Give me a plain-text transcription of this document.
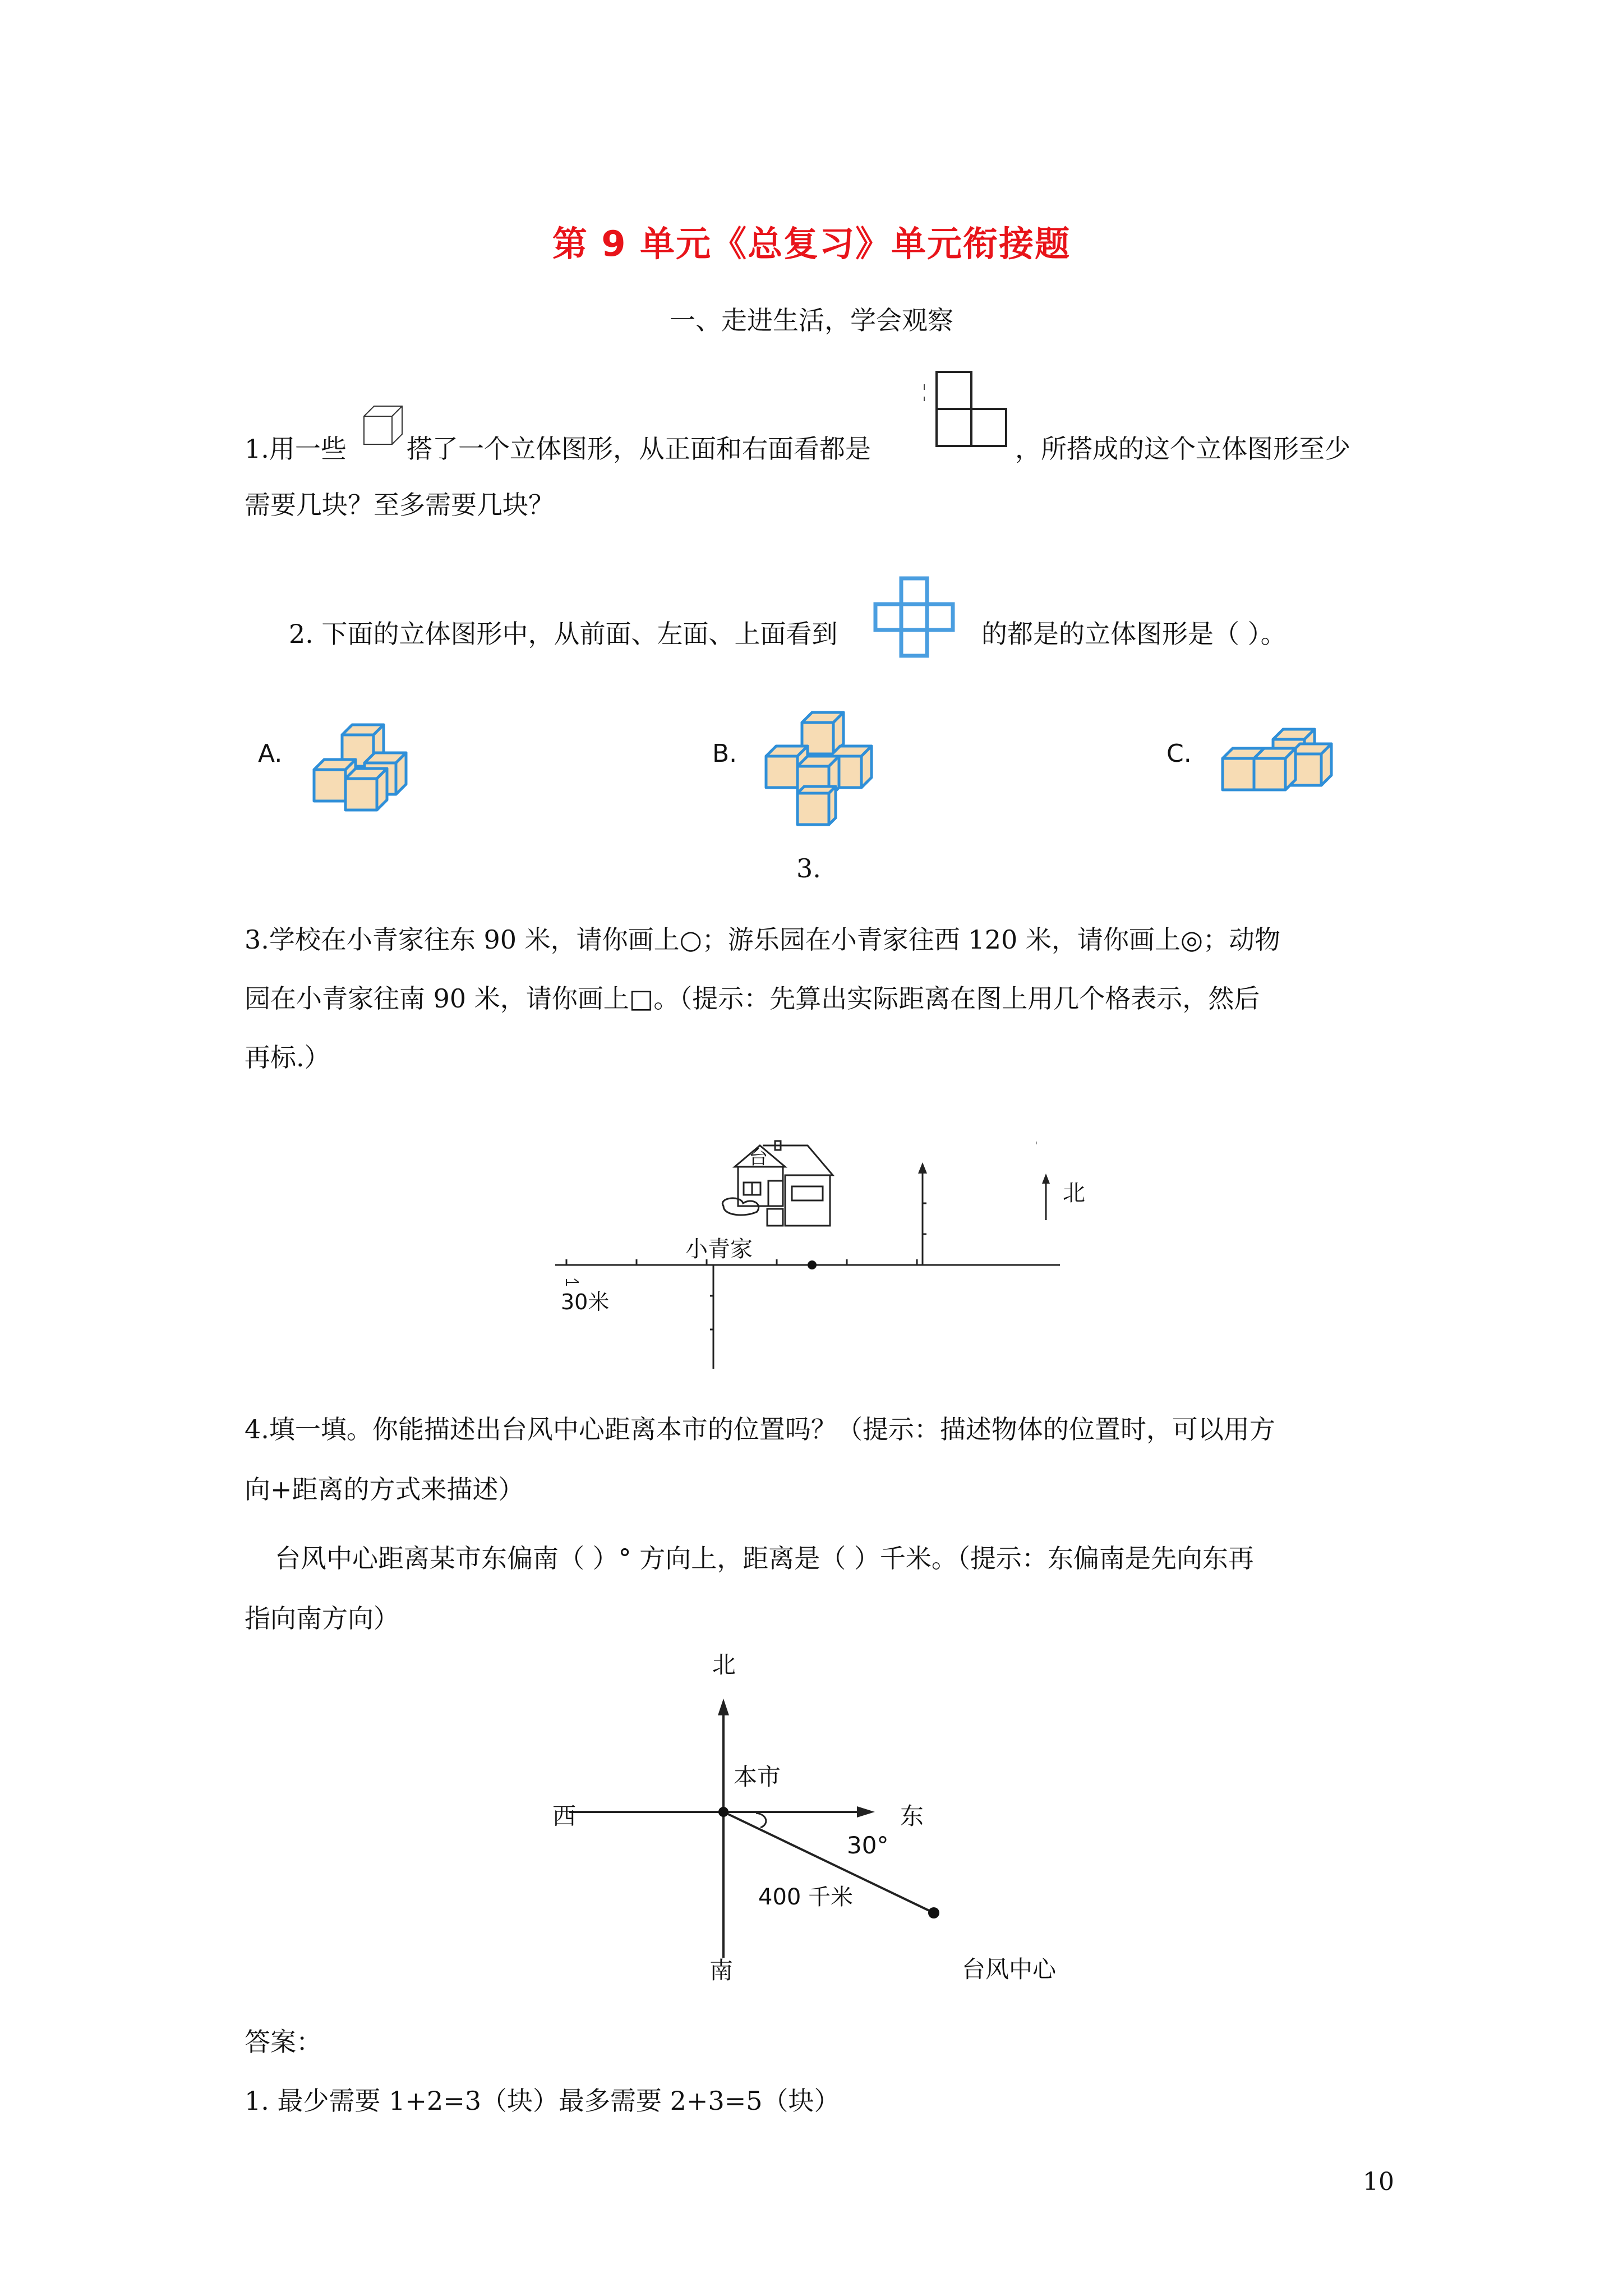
第 9 单元《总复习》单元衔接题
一、走进生活，学会观察
1.用一些 搭了一个立体图形，从正面和右面看都是	，所搭成的这个立体图形至少
需要几块？至多需要几块？
2. 下面的立体图形中，从前面、左面、上面看到	的都是的立体图形是（ ）。
A.	B.	C.
3.
3.学校在小青家往东 90 米，请你画上○；游乐园在小青家往西 120 米，请你画上◎；动物
园在小青家往南 90 米，请你画上□。（提示：先算出实际距离在图上用几个格表示，然后
再标.）
台
小青家
30米
北
4.填一填。你能描述出台风中心距离本市的位置吗？（提示：描述物体的位置时，可以用方
向+距离的方式来描述）
台风中心距离某市东偏南（ ）° 方向上，距离是（ ）千米。（提示：东偏南是先向东再
指向南方向）
北
西	东
南
本市
30°
400 千米
台风中心
答案：
1. 最少需要 1+2=3（块）最多需要 2+3=5（块）
10
